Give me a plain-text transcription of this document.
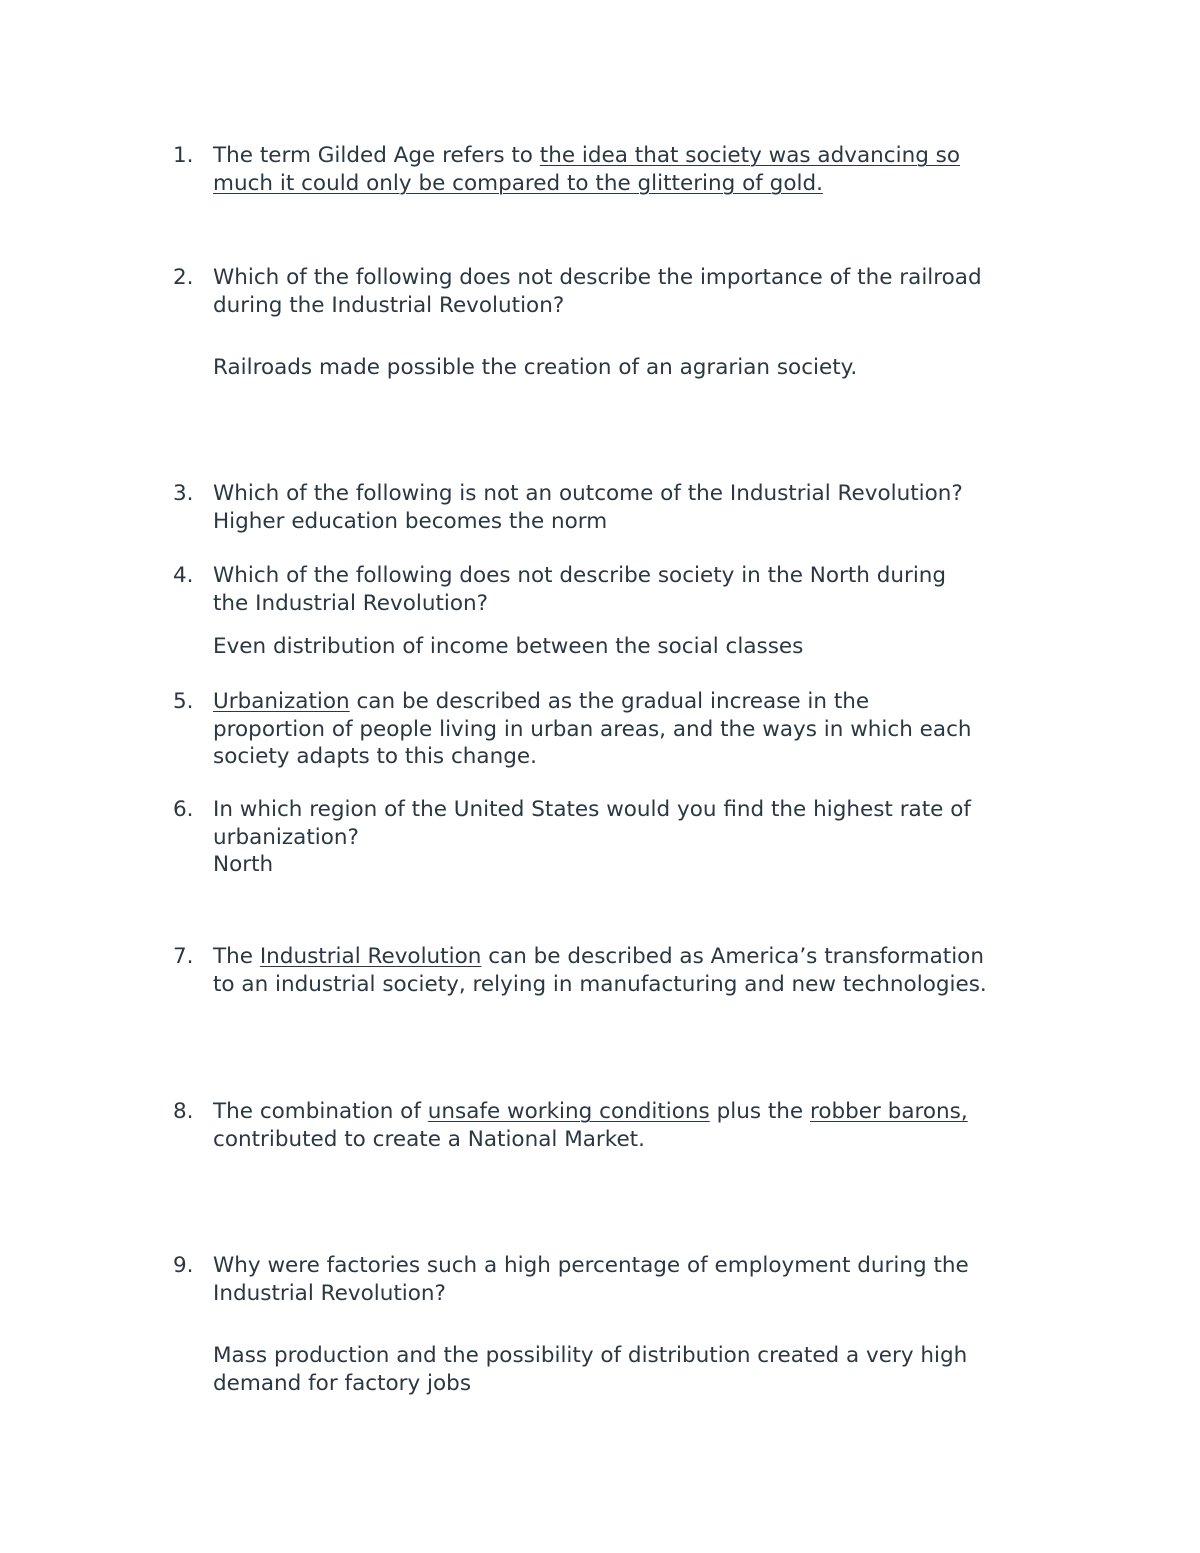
1. The term Gilded Age refers to the idea that society was advancing so
much it could only be compared to the glittering of gold.
2. Which of the following does not describe the importance of the railroad
during the Industrial Revolution?
Railroads made possible the creation of an agrarian society.
3. Which of the following is not an outcome of the Industrial Revolution?
Higher education becomes the norm
4. Which of the following does not describe society in the North during
the Industrial Revolution?
Even distribution of income between the social classes
5. Urbanization can be described as the gradual increase in the
proportion of people living in urban areas, and the ways in which each
society adapts to this change.
6. In which region of the United States would you find the highest rate of
urbanization?
North
7. The Industrial Revolution can be described as America’s transformation
to an industrial society, relying in manufacturing and new technologies.
8. The combination of unsafe working conditions plus the robber barons,
contributed to create a National Market.
9. Why were factories such a high percentage of employment during the
Industrial Revolution?
Mass production and the possibility of distribution created a very high
demand for factory jobs
